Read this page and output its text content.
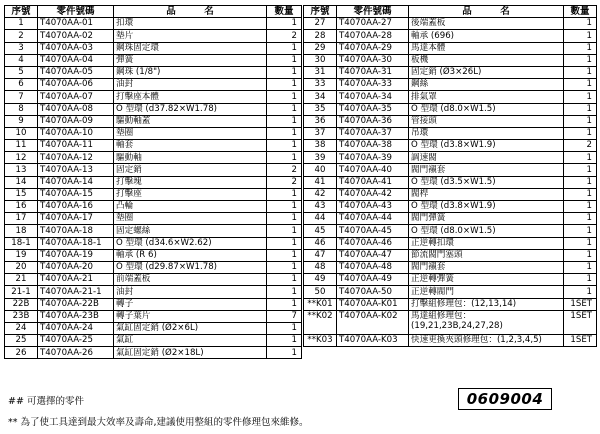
序號	零件號碼	品　　　名	數量
1	T4070AA-01	扣環	1
2	T4070AA-02	墊片	2
3	T4070AA-03	鋼珠固定環	1
4	T4070AA-04	彈簧	1
5	T4070AA-05	鋼珠 (1/8")	1
6	T4070AA-06	油封	1
7	T4070AA-07	打擊座本體	1
8	T4070AA-08	O 型環 (d37.82×W1.78)	1
9	T4070AA-09	驅動軸蓋	1
10	T4070AA-10	墊圈	1
11	T4070AA-11	軸套	1
12	T4070AA-12	驅動軸	1
13	T4070AA-13	固定銷	2
14	T4070AA-14	打擊塊	2
15	T4070AA-15	打擊座	1
16	T4070AA-16	凸輪	1
17	T4070AA-17	墊圈	1
18	T4070AA-18	固定螺絲	1
18-1	T4070AA-18-1	O 型環 (d34.6×W2.62)	1
19	T4070AA-19	軸承 (R 6)	1
20	T4070AA-20	O 型環 (d29.87×W1.78)	1
21	T4070AA-21	前端蓋板	1
21-1	T4070AA-21-1	油封	1
22B	T4070AA-22B	轉子	1
23B	T4070AA-23B	轉子葉片	7
24	T4070AA-24	氣缸固定銷 (Ø2×6L)	1
25	T4070AA-25	氣缸	1
26	T4070AA-26	氣缸固定銷 (Ø2×18L)	1
序號	零件號碼	品　　　名	數量
27	T4070AA-27	後端蓋板	1
28	T4070AA-28	軸承 (696)	1
29	T4070AA-29	馬達本體	1
30	T4070AA-30	板機	1
31	T4070AA-31	固定銷 (Ø3×26L)	1
33	T4070AA-33	鋼絲	1
34	T4070AA-34	排氣罩	1
35	T4070AA-35	O 型環 (d8.0×W1.5)	1
36	T4070AA-36	管接頭	1
37	T4070AA-37	吊環	1
38	T4070AA-38	O 型環 (d3.8×W1.9)	2
39	T4070AA-39	調速閥	1
40	T4070AA-40	閥門襯套	1
41	T4070AA-41	O 型環 (d3.5×W1.5)	1
42	T4070AA-42	閥桿	1
43	T4070AA-43	O 型環 (d3.8×W1.9)	1
44	T4070AA-44	閥門彈簧	1
45	T4070AA-45	O 型環 (d8.0×W1.5)	1
46	T4070AA-46	正逆轉扣環	1
47	T4070AA-47	節流閥門塞頭	1
48	T4070AA-48	閥門襯套	1
49	T4070AA-49	正逆轉彈簧	1
50	T4070AA-50	正逆轉閥門	1
**K01	T4070AA-K01	打擊組修理包：(12,13,14)	1SET
**K02	T4070AA-K02	馬達組修理包：(19,21,23B,24,27,28)	1SET
**K03	T4070AA-K03	快速更換夾頭修理包：(1,2,3,4,5)	1SET
## 可選擇的零件
** 為了使工具達到最大效率及壽命,建議使用整組的零件修理包來維修。
0609004
